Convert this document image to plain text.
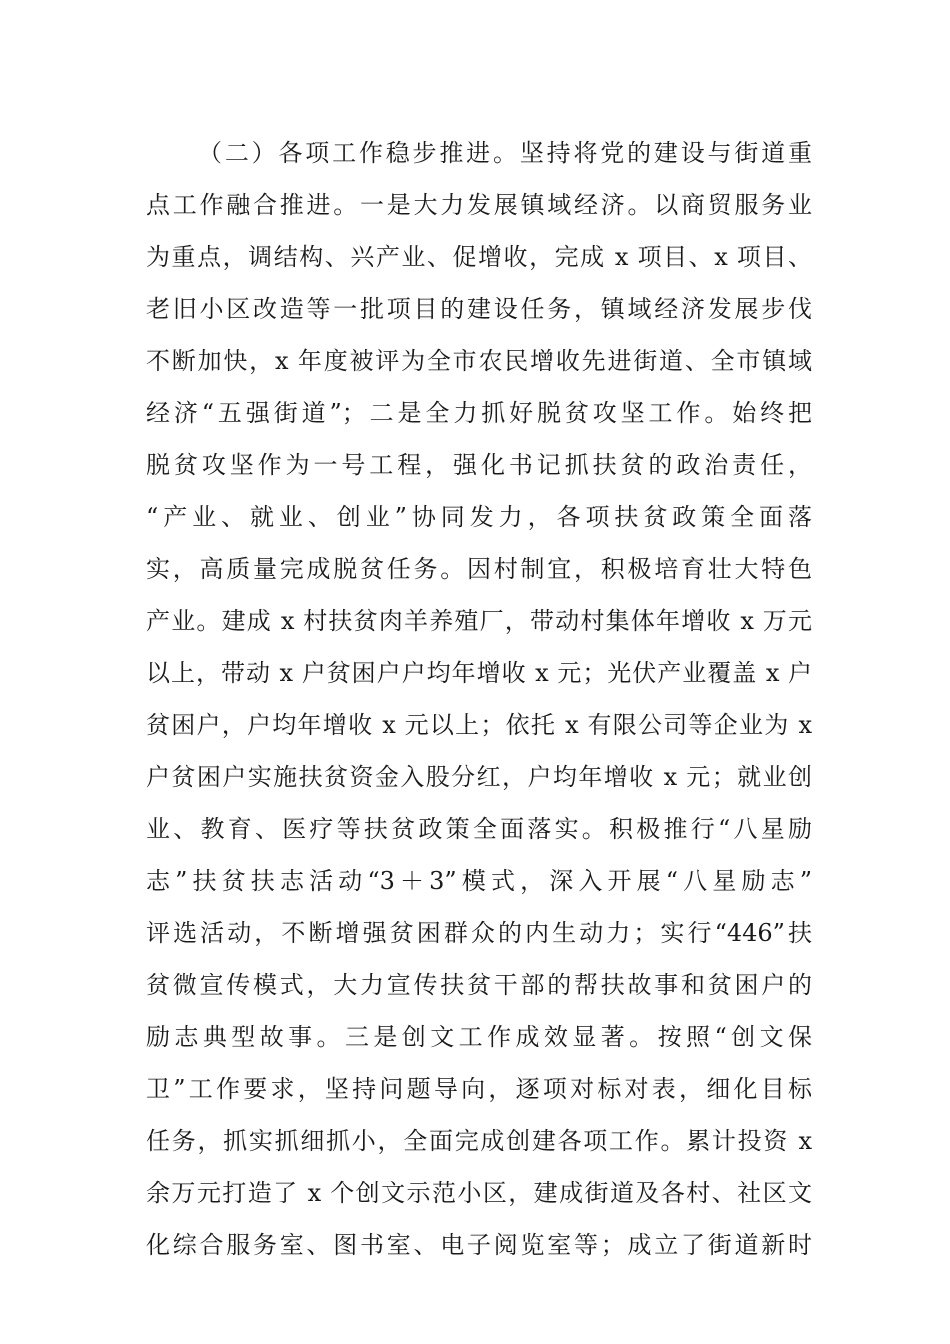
（二）各项工作稳步推进。坚持将党的建设与街道重
点工作融合推进。一是大力发展镇域经济。以商贸服务业
为重点，调结构、兴产业、促增收，完成 x 项目、x 项目、
老旧小区改造等一批项目的建设任务，镇域经济发展步伐
不断加快，x 年度被评为全市农民增收先进街道、全市镇域
经济“五强街道”；二是全力抓好脱贫攻坚工作。始终把
脱贫攻坚作为一号工程，强化书记抓扶贫的政治责任，
“产业、就业、创业”协同发力，各项扶贫政策全面落
实，高质量完成脱贫任务。因村制宜，积极培育壮大特色
产业。建成 x 村扶贫肉羊养殖厂，带动村集体年增收 x 万元
以上，带动 x 户贫困户户均年增收 x 元；光伏产业覆盖 x 户
贫困户，户均年增收 x 元以上；依托 x 有限公司等企业为 x
户贫困户实施扶贫资金入股分红，户均年增收 x 元；就业创
业、教育、医疗等扶贫政策全面落实。积极推行“八星励
志”扶贫扶志活动“3＋3”模式，深入开展“八星励志”
评选活动，不断增强贫困群众的内生动力；实行“446”扶
贫微宣传模式，大力宣传扶贫干部的帮扶故事和贫困户的
励志典型故事。三是创文工作成效显著。按照“创文保
卫”工作要求，坚持问题导向，逐项对标对表，细化目标
任务，抓实抓细抓小，全面完成创建各项工作。累计投资 x
余万元打造了 x 个创文示范小区，建成街道及各村、社区文
化综合服务室、图书室、电子阅览室等；成立了街道新时
